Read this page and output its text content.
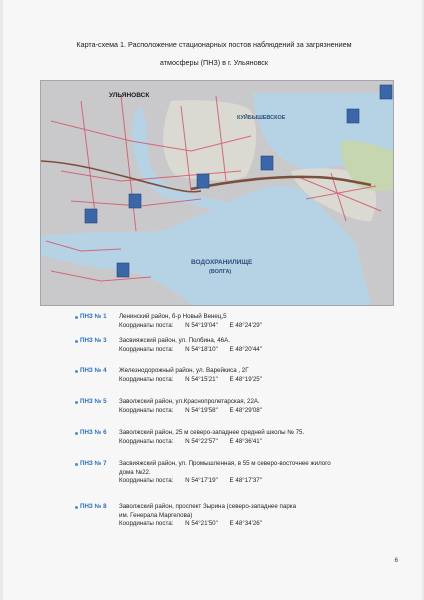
Карта-схема 1. Расположение стационарных постов наблюдений за загрязнением
атмосферы (ПНЗ) в г. Ульяновск
УЛЬЯНОВСК
КУЙБЫШЕВСКОЕ
ВОДОХРАНИЛИЩЕ
(ВОЛГА)
ПНЗ № 1 Ленинский район, б-р Новый Венец,5
Координаты поста: N 54°19'04" E 48°24'29"
ПНЗ № 3 Засвияжский район, ул. Полбина, 46А.
Координаты поста: N 54°18'10" E 48°20'44"
ПНЗ № 4 Железнодорожный район, ул. Варейкиса , 2Г
Координаты поста: N 54°15'21" E 48°19'25"
ПНЗ № 5 Заволжский район, ул.Краснопролетарская, 22А.
Координаты поста: N 54°19'58" E 48°29'08"
ПНЗ № 6 Заволжский район, 25 м северо-западнее средней школы № 75.
Координаты поста: N 54°22'57" E 48°36'41"
ПНЗ № 7 Засвияжский район, ул. Промышленная, в 55 м северо-восточнее жилого
дома №22.
Координаты поста: N 54°17'19" E 48°17'37"
ПНЗ № 8 Заволжский район, проспект Зырина (северо-западнее парка
им. Генерала Маргелова)
Координаты поста: N 54°21'50" E 48°34'26"
6
